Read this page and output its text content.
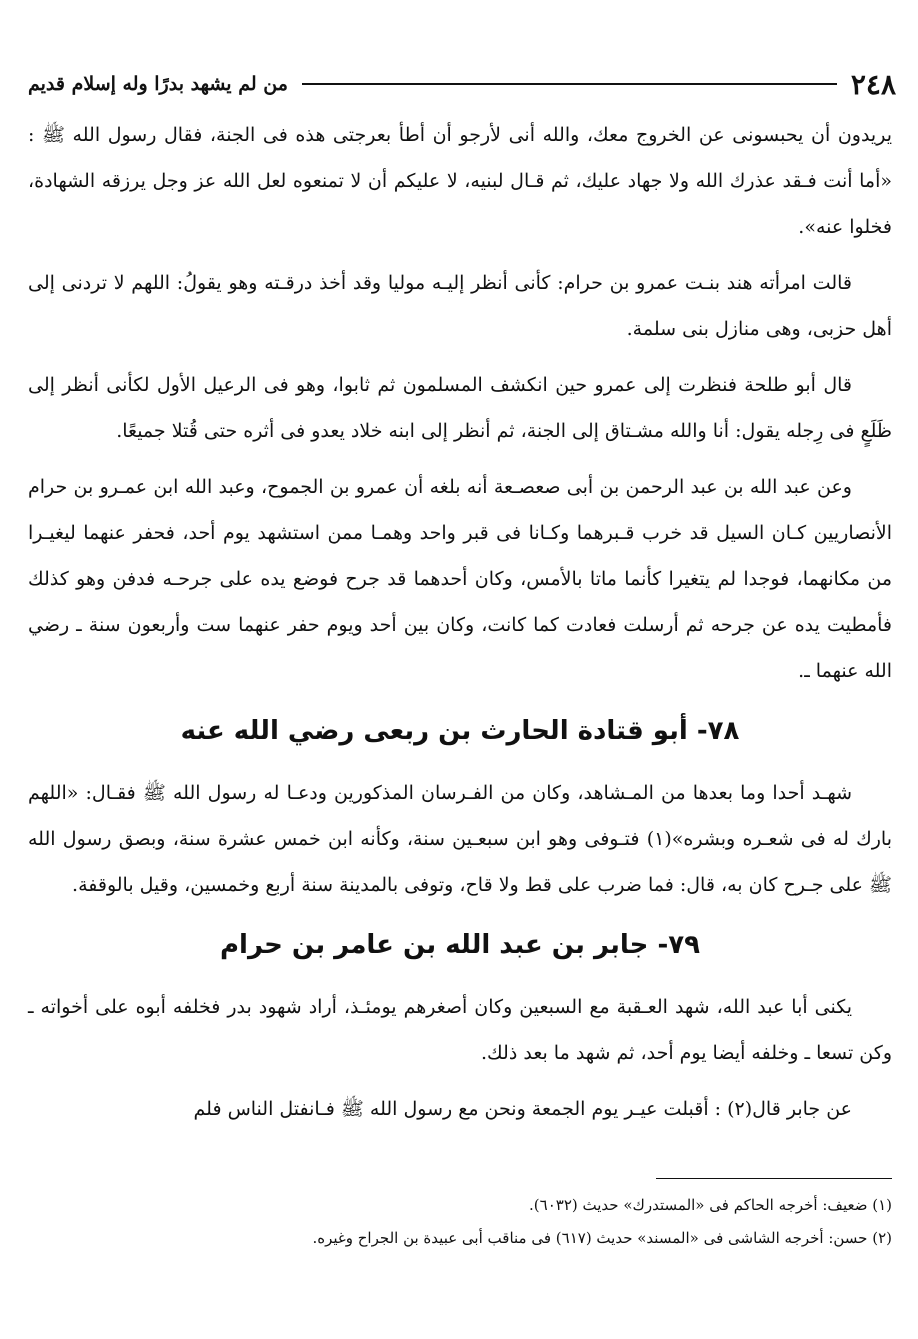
٢٤٨
من لم يشهد بدرًا وله إسلام قديم

يريدون أن يحبسونى عن الخروج معك، والله أنى لأرجو أن أطأ بعرجتى هذه فى الجنة، فقال رسول الله ﷺ : «أما أنت فـقد عذرك الله ولا جهاد عليك، ثم قـال لبنيه، لا عليكم أن لا تمنعوه لعل الله عز وجل يرزقه الشهادة، فخلوا عنه».

قالت امرأته هند بنـت عمرو بن حرام: كأنى أنظر إليـه موليا وقد أخذ درقـته وهو يقولُ: اللهم لا تردنى إلى أهل حزبى، وهى منازل بنى سلمة.

قال أبو طلحة فنظرت إلى عمرو حين انكشف المسلمون ثم ثابوا، وهو فى الرعيل الأول لكأنى أنظر إلى ظَلَعٍ فى رِجله يقول: أنا والله مشـتاق إلى الجنة، ثم أنظر إلى ابنه خلاد يعدو فى أثره حتى قُتلا جميعًا.

وعن عبد الله بن عبد الرحمن بن أبى صعصـعة أنه بلغه أن عمرو بن الجموح، وعبد الله ابن عمـرو بن حرام الأنصاريين كـان السيل قد خرب قـبرهما وكـانا فى قبر واحد وهمـا ممن استشهد يوم أحد، فحفر عنهما ليغيـرا من مكانهما، فوجدا لم يتغيرا كأنما ماتا بالأمس، وكان أحدهما قد جرح فوضع يده على جرحـه فدفن وهو كذلك فأمطيت يده عن جرحه ثم أرسلت فعادت كما كانت، وكان بين أحد ويوم حفر عنهما ست وأربعون سنة ـ رضي الله عنهما ـ.

٧٨- أبو قتادة الحارث بن ربعى رضي الله عنه

شهـد أحدا وما بعدها من المـشاهد، وكان من الفـرسان المذكورين ودعـا له رسول الله ﷺ فقـال: «اللهم بارك له فى شعـره وبشره»(١) فتـوفى وهو ابن سبعـين سنة، وكأنه ابن خمس عشرة سنة، وبصق رسول الله ﷺ على جـرح كان به، قال: فما ضرب على قط ولا قاح، وتوفى بالمدينة سنة أربع وخمسين، وقيل بالوقفة.

٧٩- جابر بن عبد الله بن عامر بن حرام

يكنى أبا عبد الله، شهد العـقبة مع السبعين وكان أصغرهم يومئـذ، أراد شهود بدر فخلفه أبوه على أخواته ـ وكن تسعا ـ وخلفه أيضا يوم أحد، ثم شهد ما بعد ذلك.

عن جابر قال(٢) : أقبلت عيـر يوم الجمعة ونحن مع رسول الله ﷺ فـانفتل الناس فلم

(١) ضعيف: أخرجه الحاكم فى «المستدرك» حديث (٦٠٣٢).

(٢) حسن: أخرجه الشاشى فى «المسند» حديث (٦١٧) فى مناقب أبى عبيدة بن الجراح وغيره.
